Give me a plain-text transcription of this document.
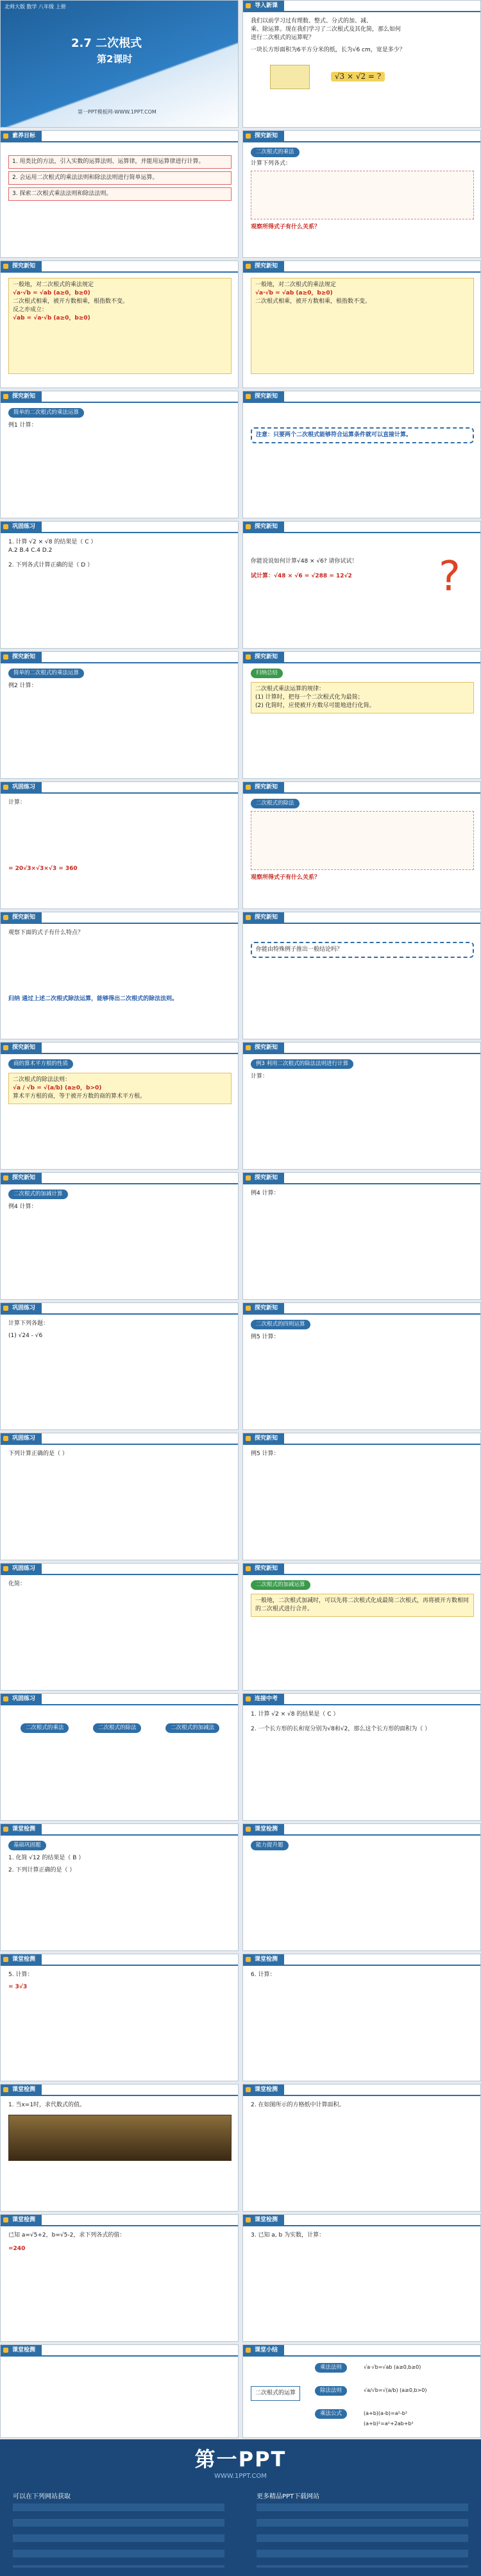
北师大版 数学 八年级 上册
2.7 二次根式
第2课时
第一PPT模板网-WWW.1PPT.COM
导入新课
我们以前学习过有理数、整式、分式的加、减、
乘、除运算。现在我们学习了二次根式及其化简，那么如何
进行二次根式的运算呢？
一块长方形面积为6平方分米的纸，长为√6 cm，宽是多少？
√3 × √2 = ?
素养目标
1. 用类比的方法，引入实数的运算法则、运算律，并能用运算律进行计算。
2. 会运用二次根式的乘法法则和除法法则进行简单运算。
3. 探索二次根式乘法法则和除法法则。
探究新知
二次根式的乘法
计算下列各式：
观察所得式子有什么关系？
探究新知
一般地，对二次根式的乘法规定
√a·√b = √ab (a≥0，b≥0)
二次根式相乘，被开方数相乘，根指数不变。
反之亦成立：
√ab = √a·√b (a≥0，b≥0)
探究新知
一般地，对二次根式的乘法规定
√a·√b = √ab (a≥0，b≥0)
二次根式相乘，被开方数相乘，根指数不变。
探究新知
简单的二次根式的乘法运算
例1 计算：
探究新知
注意：只要两个二次根式能够符合运算条件就可以直接计算。
巩固练习
1. 计算 √2 × √8 的结果是（ C ）
A.2 B.4 C.4 D.2
2. 下列各式计算正确的是（ D ）
探究新知
你能说说如何计算√48 × √6? 请你试试！
试计算：√48 × √6 = √288 = 12√2	?
探究新知
简单的二次根式的乘法运算
例2 计算：
探究新知
归纳总结
二次根式乘法运算的规律：
(1) 计算时，把每一个二次根式化为最简；
(2) 化简时，应使被开方数尽可能地进行化简。
巩固练习
计算：
= 20√3×√3×√3 = 360
探究新知
二次根式的除法
观察所得式子有什么关系？
探究新知
观察下面的式子有什么特点？
归纳 通过上述二次根式除法运算，能够得出二次根式的除法法则。
探究新知
你能由特殊例子推出一般结论吗？
探究新知
商的算术平方根的性质
二次根式的除法法则：
√a / √b = √(a/b) (a≥0，b>0)
算术平方根的商，等于被开方数的商的算术平方根。
探究新知
例3 利用二次根式的除法法则进行计算
计算：
探究新知
二次根式的加减计算
例4 计算：
探究新知
例4 计算：
巩固练习
计算下列各题：
(1) √24 - √6
探究新知
二次根式的四则运算
例5 计算：
巩固练习
下列计算正确的是（ ）
探究新知
例5 计算：
巩固练习
化简：
探究新知
二次根式的加减运算
一般地，二次根式加减时，可以先将二次根式化成最简二次根式，再将被开方数相同的二次根式进行合并。
巩固练习
二次根式的乘法	二次根式的除法	二次根式的加减法
连接中考
1. 计算 √2 × √8 的结果是（ C ）
2. 一个长方形的长和宽分别为√8和√2，那么这个长方形的面积为（ ）
课堂检测
基础巩固题
1. 化简 √12 的结果是（ B ）
2. 下列计算正确的是（ ）
课堂检测
能力提升题
课堂检测
5. 计算：
= 3√3
课堂检测
6. 计算：
课堂检测
1. 当x=1时，求代数式的值。
课堂检测
2. 在如图所示的方格纸中计算面积。
课堂检测
已知 a=√5+2，b=√5-2，求下列各式的值：
=240
课堂检测
3. 已知 a, b 为实数，计算：
课堂检测	课堂小结
二次根式的运算
乘法法则
除法法则
乘法公式
√a·√b=√ab (a≥0,b≥0)
√a/√b=√(a/b) (a≥0,b>0)
(a+b)(a-b)=a²-b²
(a+b)²=a²+2ab+b²
第一PPT
WWW.1PPT.COM
可以在下列网站获取	更多精品PPT下载网站
